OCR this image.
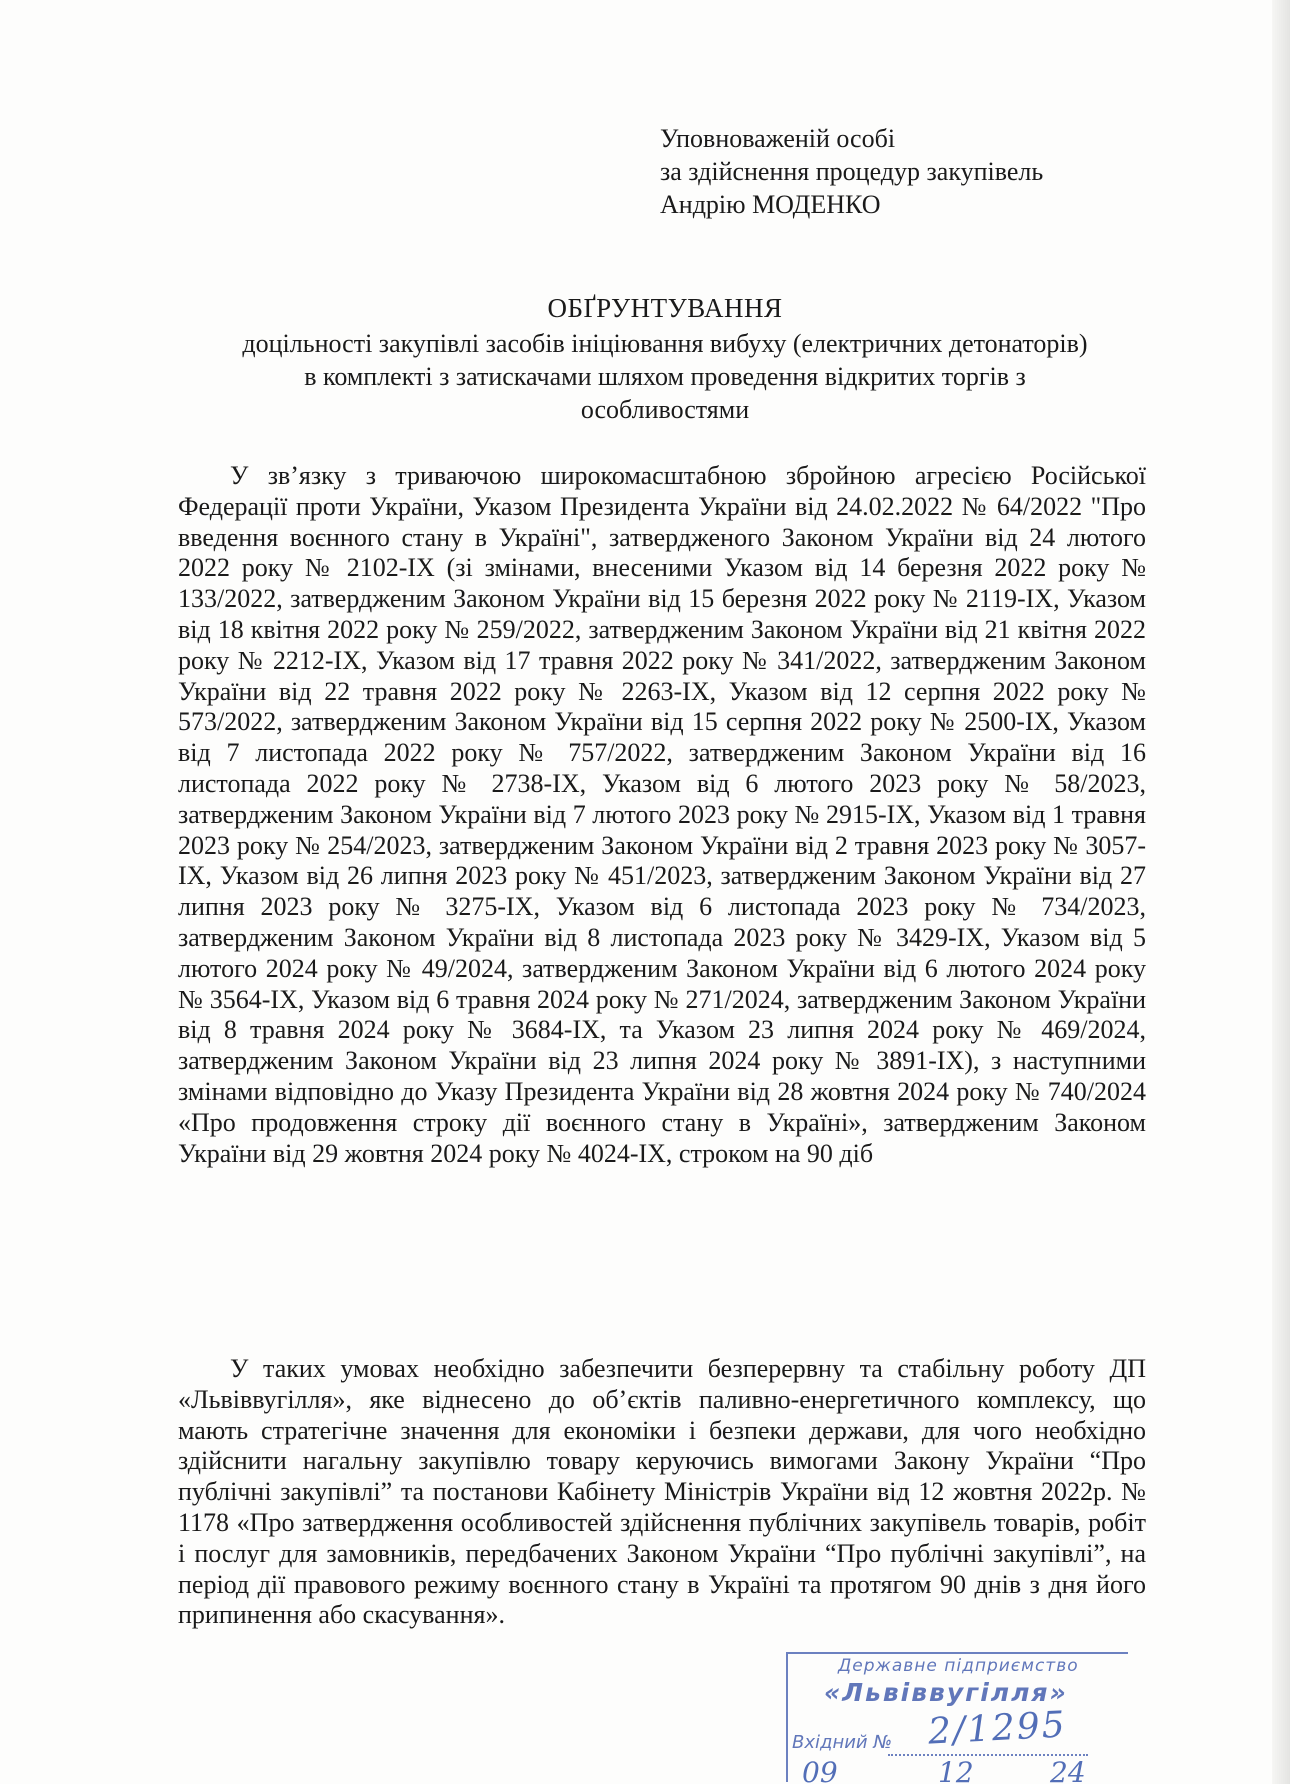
Уповноваженій особі
за здійснення процедур закупівель
Андрію МОДЕНКО
ОБҐРУНТУВАННЯ
доцільності закупівлі засобів ініціювання вибуху (електричних детонаторів)
в комплекті з затискачами шляхом проведення відкритих торгів з
особливостями
У зв’язку з триваючою широкомасштабною збройною агресією Російської Федерації проти України, Указом Президента України від 24.02.2022 № 64/2022 "Про введення воєнного стану в Україні", затвердженого Законом України від 24 лютого 2022 року № 2102-IX (зі змінами, внесеними Указом від 14 березня 2022 року № 133/2022, затвердженим Законом України від 15 березня 2022 року № 2119-IX, Указом від 18 квітня 2022 року № 259/2022, затвердженим Законом України від 21 квітня 2022 року № 2212-IX, Указом від 17 травня 2022 року № 341/2022, затвердженим Законом України від 22 травня 2022 року № 2263-IX, Указом від 12 серпня 2022 року № 573/2022, затвердженим Законом України від 15 серпня 2022 року № 2500-IX, Указом від 7 листопада 2022 року № 757/2022, затвердженим Законом України від 16 листопада 2022 року № 2738-IX, Указом від 6 лютого 2023 року № 58/2023, затвердженим Законом України від 7 лютого 2023 року № 2915-IX, Указом від 1 травня 2023 року № 254/2023, затвердженим Законом України від 2 травня 2023 року № 3057-IX, Указом від 26 липня 2023 року № 451/2023, затвердженим Законом України від 27 липня 2023 року № 3275-IX, Указом від 6 листопада 2023 року № 734/2023, затвердженим Законом України від 8 листопада 2023 року № 3429-IX, Указом від 5 лютого 2024 року № 49/2024, затвердженим Законом України від 6 лютого 2024 року № 3564-IX, Указом від 6 травня 2024 року № 271/2024, затвердженим Законом України від 8 травня 2024 року № 3684-IX, та Указом 23 липня 2024 року № 469/2024, затвердженим Законом України від 23 липня 2024 року № 3891-IX), з наступними змінами відповідно до Указу Президента України від 28 жовтня 2024 року № 740/2024 «Про продовження строку дії воєнного стану в Україні», затвердженим Законом України від 29 жовтня 2024 року № 4024-IX, строком на 90 діб
У таких умовах необхідно забезпечити безперервну та стабільну роботу ДП «Львіввугілля», яке віднесено до об’єктів паливно-енергетичного комплексу, що мають стратегічне значення для економіки і безпеки держави, для чого необхідно здійснити нагальну закупівлю товару керуючись вимогами Закону України “Про публічні закупівлі” та постанови Кабінету Міністрів України від 12 жовтня 2022р. № 1178 «Про затвердження особливостей здійснення публічних закупівель товарів, робіт і послуг для замовників, передбачених Законом України “Про публічні закупівлі”, на період дії правового режиму воєнного стану в Україні та протягом 90 днів з дня його припинення або скасування».
Державне підприємство
«Львіввугілля»
Вхідний № 2/1295
09	12	24
